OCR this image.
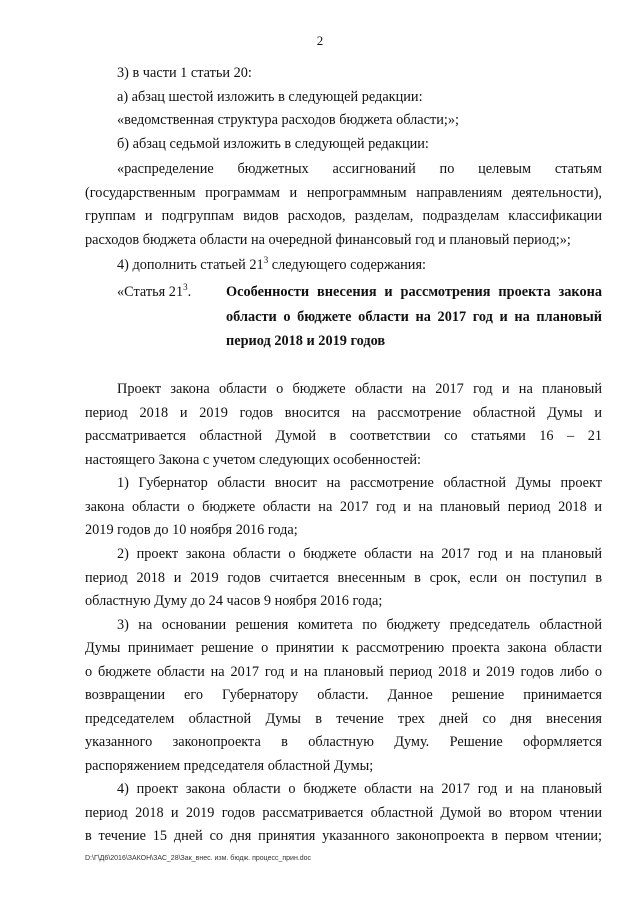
2
3) в части 1 статьи 20:
а) абзац шестой изложить в следующей редакции:
«ведомственная структура расходов бюджета области;»;
б) абзац седьмой изложить в следующей редакции:
«распределение бюджетных ассигнований по целевым статьям
(государственным программам и непрограммным направлениям деятельности),
группам и подгруппам видов расходов, разделам, подразделам классификации
расходов бюджета области на очередной финансовый год и плановый период;»;
4) дополнить статьей $21^3$ следующего содержания:
«Статья $21^3$. Особенности внесения и рассмотрения проекта закона
области о бюджете области на 2017 год и на плановый
период 2018 и 2019 годов
Проект закона области о бюджете области на 2017 год и на плановый
период 2018 и 2019 годов вносится на рассмотрение областной Думы и
рассматривается областной Думой в соответствии со статьями 16 – 21
настоящего Закона с учетом следующих особенностей:
1) Губернатор области вносит на рассмотрение областной Думы проект
закона области о бюджете области на 2017 год и на плановый период 2018 и
2019 годов до 10 ноября 2016 года;
2) проект закона области о бюджете области на 2017 год и на плановый
период 2018 и 2019 годов считается внесенным в срок, если он поступил в
областную Думу до 24 часов 9 ноября 2016 года;
3) на основании решения комитета по бюджету председатель областной
Думы принимает решение о принятии к рассмотрению проекта закона области
о бюджете области на 2017 год и на плановый период 2018 и 2019 годов либо о
возвращении его Губернатору области. Данное решение принимается
председателем областной Думы в течение трех дней со дня внесения
указанного законопроекта в областную Думу. Решение оформляется
распоряжением председателя областной Думы;
4) проект закона области о бюджете области на 2017 год и на плановый
период 2018 и 2019 годов рассматривается областной Думой во втором чтении
в течение 15 дней со дня принятия указанного законопроекта в первом чтении;
D:\Г\Д6\2016\ЗАКОН\ЗАС_28\Зак_внес. изм. бюдж. процесс_прин.doc
